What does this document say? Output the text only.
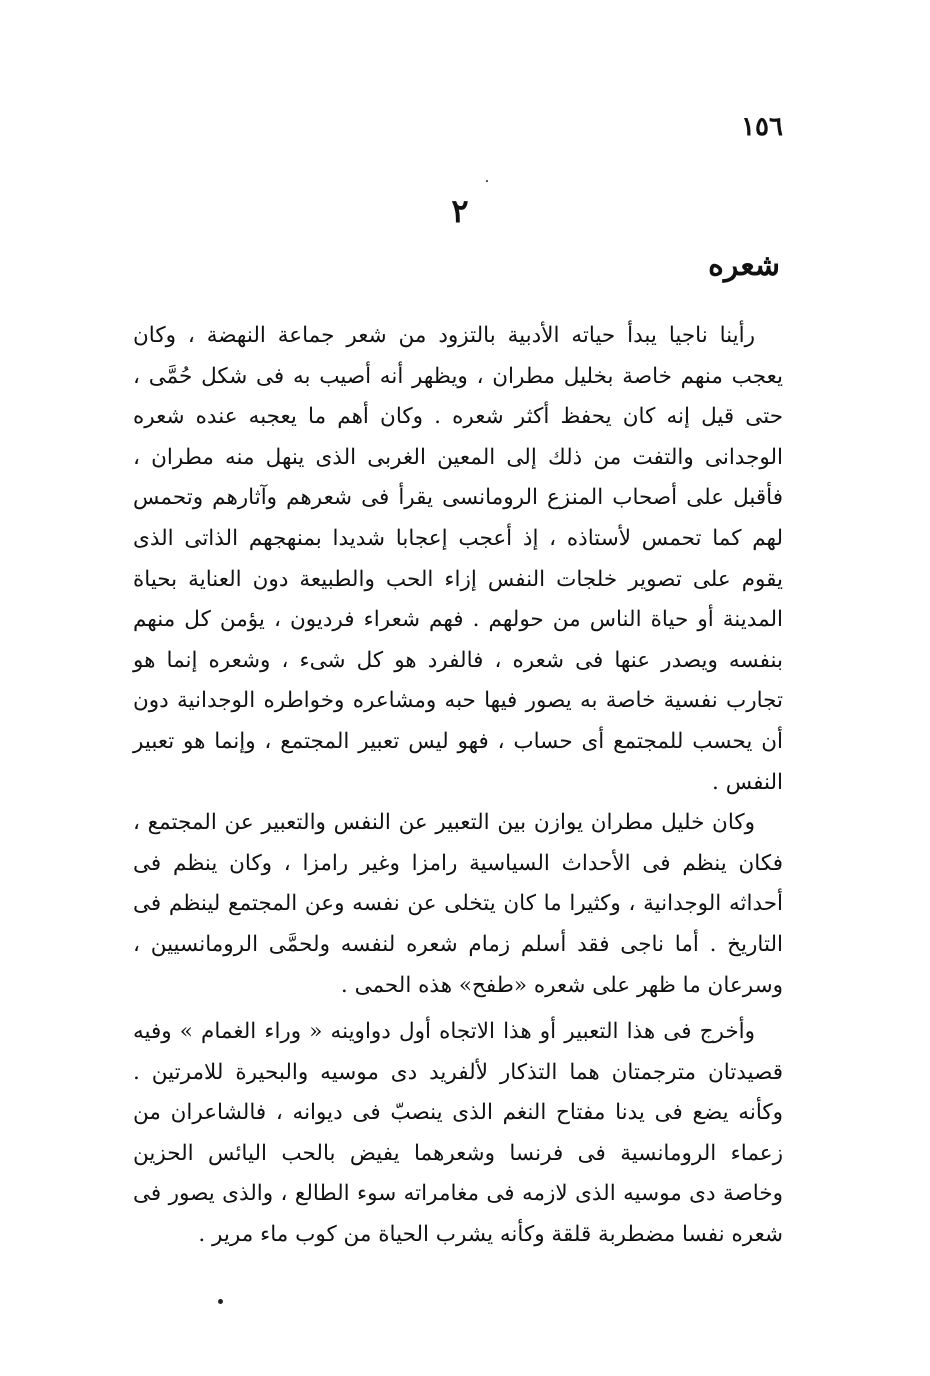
١٥٦
٢
شعره

رأينا ناجيا يبدأ حياته الأدبية بالتزود من شعر جماعة النهضة ، وكان يعجب منهم خاصة بخليل مطران ، ويظهر أنه أصيب به فى شكل حُمَّى ، حتى قيل إنه كان يحفظ أكثر شعره . وكان أهم ما يعجبه عنده شعره الوجدانى والتفت من ذلك إلى المعين الغربى الذى ينهل منه مطران ، فأقبل على أصحاب المنزع الرومانسى يقرأ فى شعرهم وآثارهم وتحمس لهم كما تحمس لأستاذه ، إذ أعجب إعجابا شديدا بمنهجهم الذاتى الذى يقوم على تصوير خلجات النفس إزاء الحب والطبيعة دون العناية بحياة المدينة أو حياة الناس من حولهم . فهم شعراء فرديون ، يؤمن كل منهم بنفسه ويصدر عنها فى شعره ، فالفرد هو كل شىء ، وشعره إنما هو تجارب نفسية خاصة به يصور فيها حبه ومشاعره وخواطره الوجدانية دون أن يحسب للمجتمع أى حساب ، فهو ليس تعبير المجتمع ، وإنما هو تعبير النفس .

وكان خليل مطران يوازن بين التعبير عن النفس والتعبير عن المجتمع ، فكان ينظم فى الأحداث السياسية رامزا وغير رامزا ، وكان ينظم فى أحداثه الوجدانية ، وكثيرا ما كان يتخلى عن نفسه وعن المجتمع لينظم فى التاريخ . أما ناجى فقد أسلم زمام شعره لنفسه ولحمَّى الرومانسيين ، وسرعان ما ظهر على شعره «طفح» هذه الحمى .

وأخرج فى هذا التعبير أو هذا الاتجاه أول دواوينه « وراء الغمام » وفيه قصيدتان مترجمتان هما التذكار لألفريد دى موسيه والبحيرة للامرتين . وكأنه يضع فى يدنا مفتاح النغم الذى ينصبّ فى ديوانه ، فالشاعران من زعماء الرومانسية فى فرنسا وشعرهما يفيض بالحب اليائس الحزين وخاصة دى موسيه الذى لازمه فى مغامراته سوء الطالع ، والذى يصور فى شعره نفسا مضطربة قلقة وكأنه يشرب الحياة من كوب ماء مرير .
